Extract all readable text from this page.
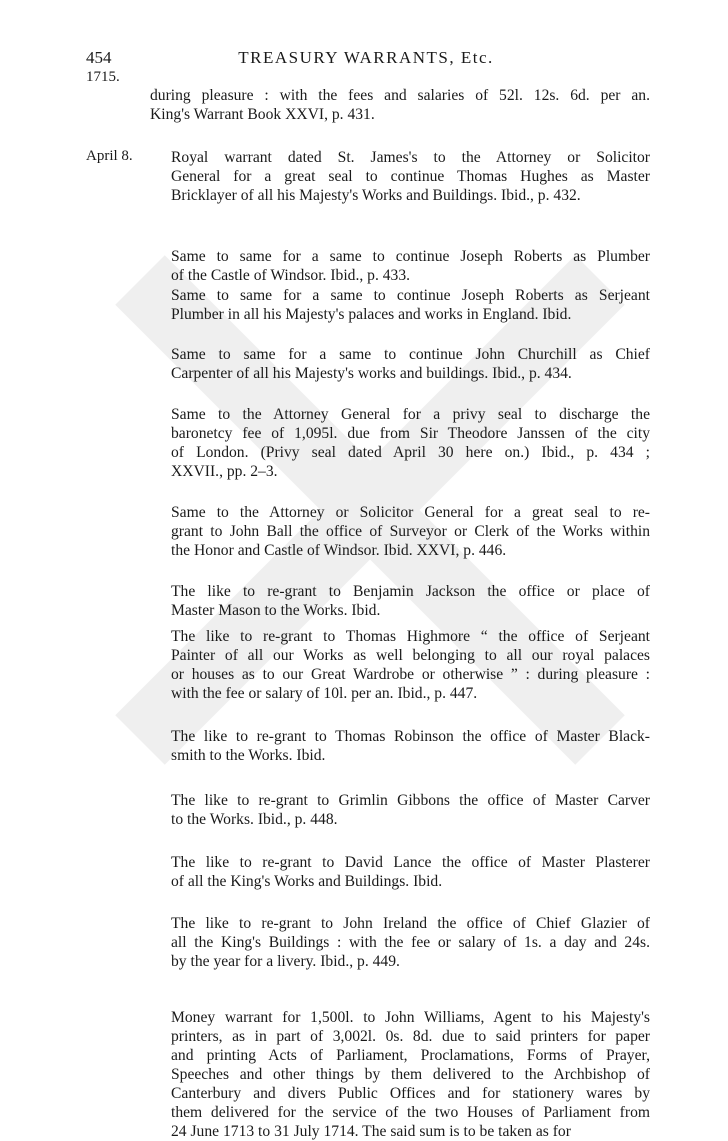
454	TREASURY WARRANTS, Etc.
1715.
April 8.
during pleasure : with the fees and salaries of 52l. 12s. 6d. per an.
King's Warrant Book XXVI, p. 431.
Royal warrant dated St. James's to the Attorney or Solicitor
General for a great seal to continue Thomas Hughes as Master
Bricklayer of all his Majesty's Works and Buildings. Ibid., p. 432.
Same to same for a same to continue Joseph Roberts as Plumber
of the Castle of Windsor. Ibid., p. 433.
Same to same for a same to continue Joseph Roberts as Serjeant
Plumber in all his Majesty's palaces and works in England. Ibid.
Same to same for a same to continue John Churchill as Chief
Carpenter of all his Majesty's works and buildings. Ibid., p. 434.
Same to the Attorney General for a privy seal to discharge the
baronetcy fee of 1,095l. due from Sir Theodore Janssen of the city
of London. (Privy seal dated April 30 here on.) Ibid., p. 434 ;
XXVII., pp. 2–3.
Same to the Attorney or Solicitor General for a great seal to re-
grant to John Ball the office of Surveyor or Clerk of the Works within
the Honor and Castle of Windsor. Ibid. XXVI, p. 446.
The like to re-grant to Benjamin Jackson the office or place of
Master Mason to the Works. Ibid.
The like to re-grant to Thomas Highmore “ the office of Serjeant
Painter of all our Works as well belonging to all our royal palaces
or houses as to our Great Wardrobe or otherwise ” : during pleasure :
with the fee or salary of 10l. per an. Ibid., p. 447.
The like to re-grant to Thomas Robinson the office of Master Black-
smith to the Works. Ibid.
The like to re-grant to Grimlin Gibbons the office of Master Carver
to the Works. Ibid., p. 448.
The like to re-grant to David Lance the office of Master Plasterer
of all the King's Works and Buildings. Ibid.
The like to re-grant to John Ireland the office of Chief Glazier of
all the King's Buildings : with the fee or salary of 1s. a day and 24s.
by the year for a livery. Ibid., p. 449.
Money warrant for 1,500l. to John Williams, Agent to his Majesty's
printers, as in part of 3,002l. 0s. 8d. due to said printers for paper
and printing Acts of Parliament, Proclamations, Forms of Prayer,
Speeches and other things by them delivered to the Archbishop of
Canterbury and divers Public Offices and for stationery wares by
them delivered for the service of the two Houses of Parliament from
24 June 1713 to 31 July 1714. The said sum is to be taken as for
